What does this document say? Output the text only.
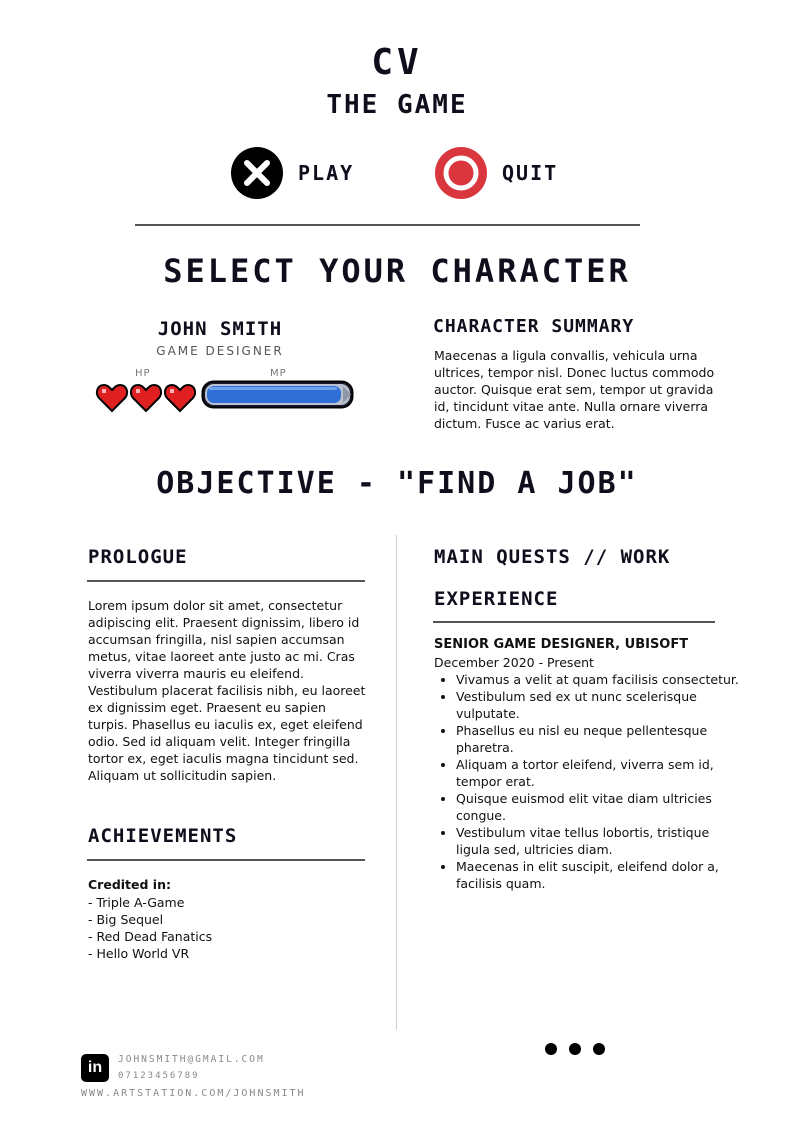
CV
THE GAME
PLAY	QUIT
SELECT YOUR CHARACTER
JOHN SMITH
GAME DESIGNER
HP	MP
CHARACTER SUMMARY
Maecenas a ligula convallis, vehicula urna ultrices, tempor nisl. Donec luctus commodo auctor. Quisque erat sem, tempor ut gravida id, tincidunt vitae ante. Nulla ornare viverra dictum. Fusce ac varius erat.
OBJECTIVE - "FIND A JOB"
PROLOGUE
Lorem ipsum dolor sit amet, consectetur adipiscing elit. Praesent dignissim, libero id accumsan fringilla, nisl sapien accumsan metus, vitae laoreet ante justo ac mi. Cras viverra viverra mauris eu eleifend. Vestibulum placerat facilisis nibh, eu laoreet ex dignissim eget. Praesent eu sapien turpis. Phasellus eu iaculis ex, eget eleifend odio. Sed id aliquam velit. Integer fringilla tortor ex, eget iaculis magna tincidunt sed. Aliquam ut sollicitudin sapien.
ACHIEVEMENTS
Credited in:
- Triple A-Game
- Big Sequel
- Red Dead Fanatics
- Hello World VR
MAIN QUESTS // WORK
EXPERIENCE
SENIOR GAME DESIGNER, UBISOFT
December 2020 - Present
• Vivamus a velit at quam facilisis consectetur.
• Vestibulum sed ex ut nunc scelerisque vulputate.
• Phasellus eu nisl eu neque pellentesque pharetra.
• Aliquam a tortor eleifend, viverra sem id, tempor erat.
• Quisque euismod elit vitae diam ultricies congue.
• Vestibulum vitae tellus lobortis, tristique ligula sed, ultricies diam.
• Maecenas in elit suscipit, eleifend dolor a, facilisis quam.
in	JOHNSMITH@GMAIL.COM
07123456789
WWW.ARTSTATION.COM/JOHNSMITH
